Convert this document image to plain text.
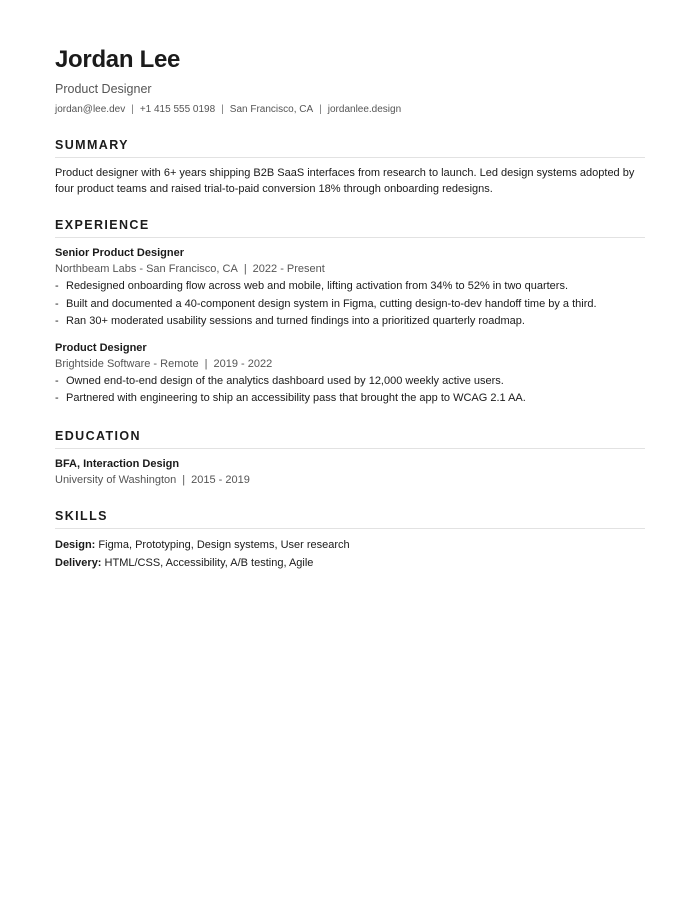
Jordan Lee
Product Designer
jordan@lee.dev | +1 415 555 0198 | San Francisco, CA | jordanlee.design
SUMMARY
Product designer with 6+ years shipping B2B SaaS interfaces from research to launch. Led design systems adopted by four product teams and raised trial-to-paid conversion 18% through onboarding redesigns.
EXPERIENCE
Senior Product Designer
Northbeam Labs - San Francisco, CA | 2022 - Present
- Redesigned onboarding flow across web and mobile, lifting activation from 34% to 52% in two quarters.
- Built and documented a 40-component design system in Figma, cutting design-to-dev handoff time by a third.
- Ran 30+ moderated usability sessions and turned findings into a prioritized quarterly roadmap.
Product Designer
Brightside Software - Remote | 2019 - 2022
- Owned end-to-end design of the analytics dashboard used by 12,000 weekly active users.
- Partnered with engineering to ship an accessibility pass that brought the app to WCAG 2.1 AA.
EDUCATION
BFA, Interaction Design
University of Washington | 2015 - 2019
SKILLS
Design: Figma, Prototyping, Design systems, User research
Delivery: HTML/CSS, Accessibility, A/B testing, Agile
